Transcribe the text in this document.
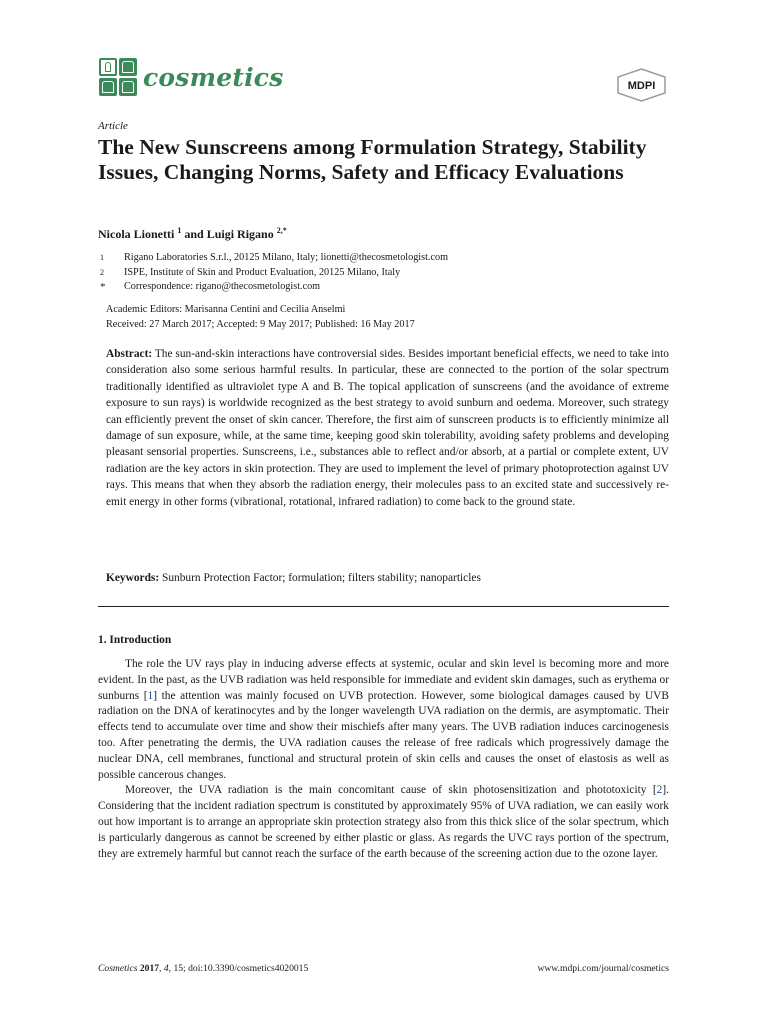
cosmetics	MDPI
Article
The New Sunscreens among Formulation Strategy, Stability Issues, Changing Norms, Safety and Efficacy Evaluations
Nicola Lionetti $^1$ and Luigi Rigano $^{2,*}$
1	Rigano Laboratories S.r.l., 20125 Milano, Italy; lionetti@thecosmetologist.com
2	ISPE, Institute of Skin and Product Evaluation, 20125 Milano, Italy
*	Correspondence: rigano@thecosmetologist.com
Academic Editors: Marisanna Centini and Cecilia Anselmi
Received: 27 March 2017; Accepted: 9 May 2017; Published: 16 May 2017
Abstract: The sun-and-skin interactions have controversial sides. Besides important beneficial effects, we need to take into consideration also some serious harmful results. In particular, these are connected to the portion of the solar spectrum traditionally identified as ultraviolet type A and B. The topical application of sunscreens (and the avoidance of extreme exposure to sun rays) is worldwide recognized as the best strategy to avoid sunburn and oedema. Moreover, such strategy can efficiently prevent the onset of skin cancer. Therefore, the first aim of sunscreen products is to efficiently minimize all damage of sun exposure, while, at the same time, keeping good skin tolerability, avoiding safety problems and developing pleasant sensorial properties. Sunscreens, i.e., substances able to reflect and/or absorb, at a partial or complete extent, UV radiation are the key actors in skin protection. They are used to implement the level of primary photoprotection against UV rays. This means that when they absorb the radiation energy, their molecules pass to an excited state and successively re-emit energy in other forms (vibrational, rotational, infrared radiation) to come back to the ground state.
Keywords: Sunburn Protection Factor; formulation; filters stability; nanoparticles
1. Introduction

The role the UV rays play in inducing adverse effects at systemic, ocular and skin level is becoming more and more evident. In the past, as the UVB radiation was held responsible for immediate and evident skin damages, such as erythema or sunburns [1] the attention was mainly focused on UVB protection. However, some biological damages caused by UVB radiation on the DNA of keratinocytes and by the longer wavelength UVA radiation on the dermis, are asymptomatic. Their effects tend to accumulate over time and show their mischiefs after many years. The UVB radiation induces carcinogenesis too. After penetrating the dermis, the UVA radiation causes the release of free radicals which progressively damage the nuclear DNA, cell membranes, functional and structural protein of skin cells and causes the onset of elastosis as well as possible cancerous changes.

Moreover, the UVA radiation is the main concomitant cause of skin photosensitization and phototoxicity [2]. Considering that the incident radiation spectrum is constituted by approximately 95% of UVA radiation, we can easily work out how important is to arrange an appropriate skin protection strategy also from this thick slice of the solar spectrum, which is particularly dangerous as cannot be screened by either plastic or glass. As regards the UVC rays portion of the spectrum, they are extremely harmful but cannot reach the surface of the earth because of the screening action due to the ozone layer.

Cosmetics 2017, 4, 15; doi:10.3390/cosmetics4020015	www.mdpi.com/journal/cosmetics
